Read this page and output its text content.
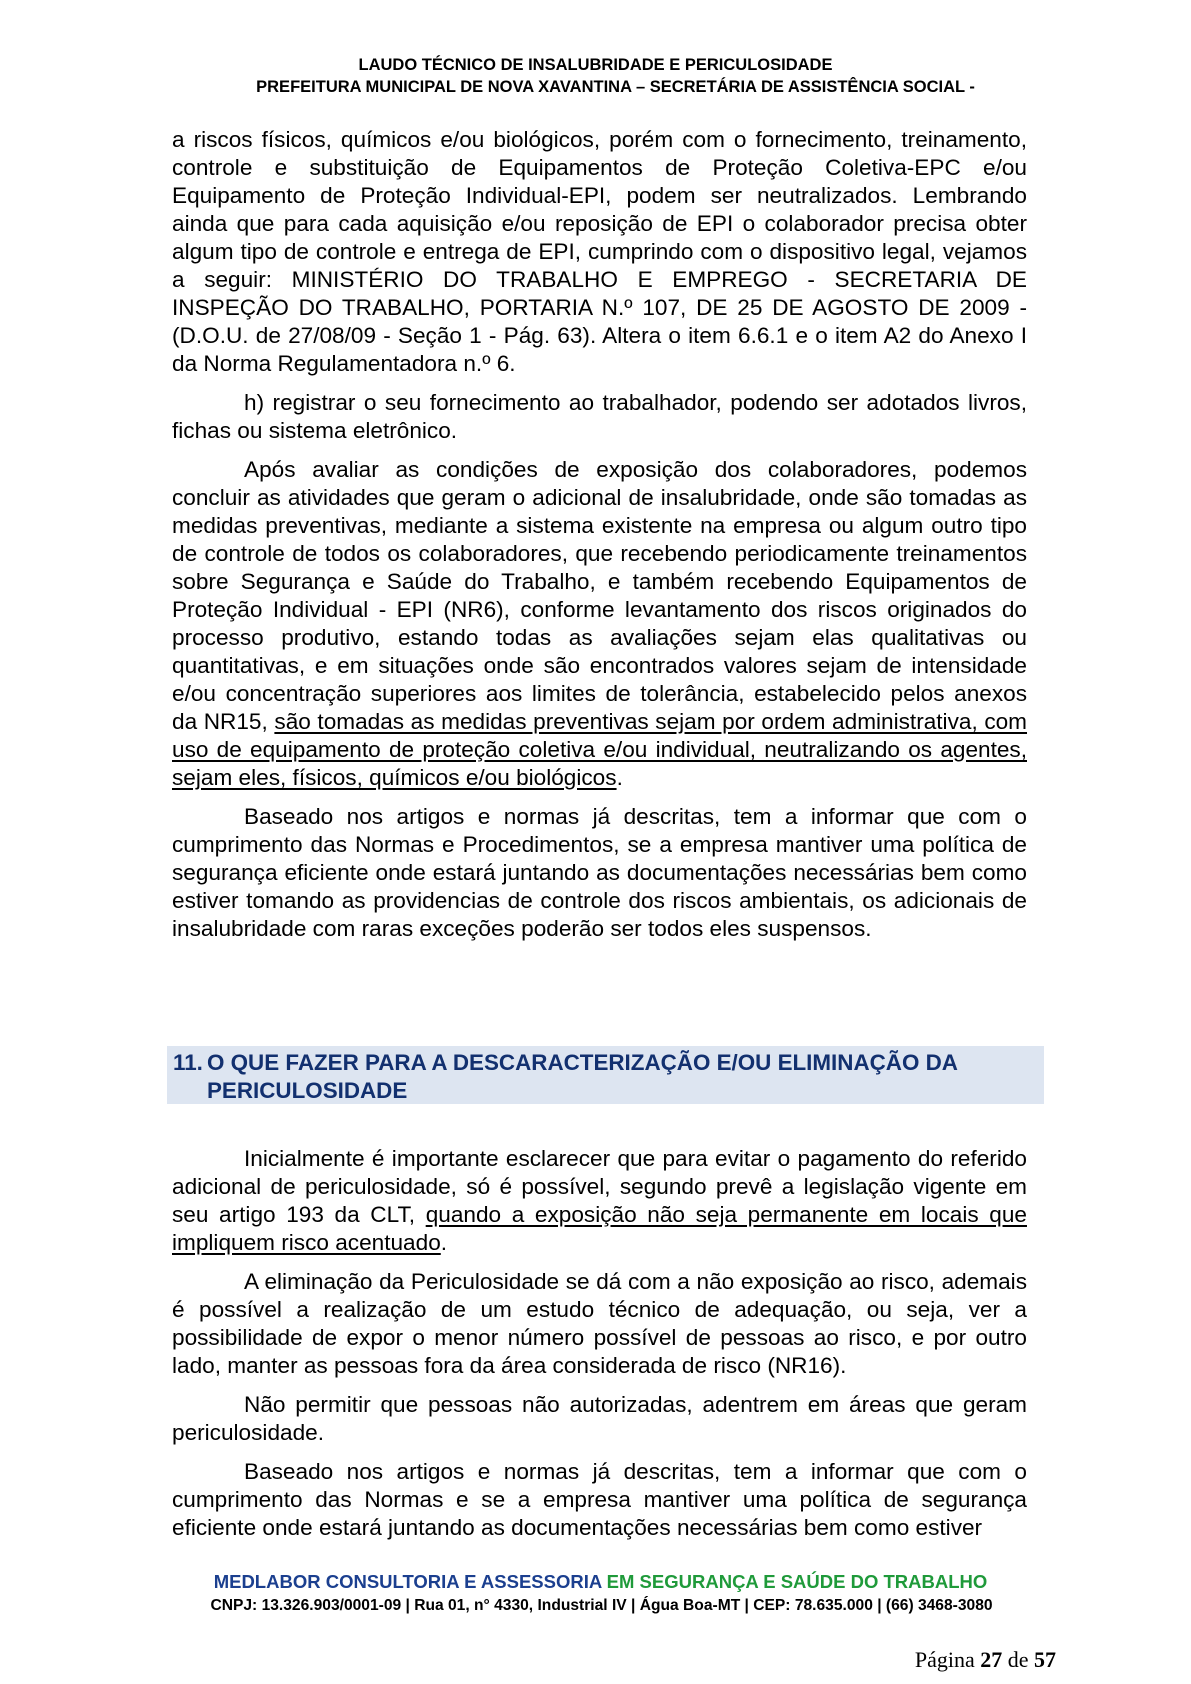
LAUDO TÉCNICO DE INSALUBRIDADE E PERICULOSIDADE
PREFEITURA MUNICIPAL DE NOVA XAVANTINA – SECRETÁRIA DE ASSISTÊNCIA SOCIAL -

a riscos físicos, químicos e/ou biológicos, porém com o fornecimento, treinamento, controle e substituição de Equipamentos de Proteção Coletiva-EPC e/ou Equipamento de Proteção Individual-EPI, podem ser neutralizados. Lembrando ainda que para cada aquisição e/ou reposição de EPI o colaborador precisa obter algum tipo de controle e entrega de EPI, cumprindo com o dispositivo legal, vejamos a seguir: MINISTÉRIO DO TRABALHO E EMPREGO - SECRETARIA DE INSPEÇÃO DO TRABALHO, PORTARIA N.º 107, DE 25 DE AGOSTO DE 2009 - (D.O.U. de 27/08/09 - Seção 1 - Pág. 63). Altera o item 6.6.1 e o item A2 do Anexo I da Norma Regulamentadora n.º 6.

h) registrar o seu fornecimento ao trabalhador, podendo ser adotados livros, fichas ou sistema eletrônico.

Após avaliar as condições de exposição dos colaboradores, podemos concluir as atividades que geram o adicional de insalubridade, onde são tomadas as medidas preventivas, mediante a sistema existente na empresa ou algum outro tipo de controle de todos os colaboradores, que recebendo periodicamente treinamentos sobre Segurança e Saúde do Trabalho, e também recebendo Equipamentos de Proteção Individual - EPI (NR6), conforme levantamento dos riscos originados do processo produtivo, estando todas as avaliações sejam elas qualitativas ou quantitativas, e em situações onde são encontrados valores sejam de intensidade e/ou concentração superiores aos limites de tolerância, estabelecido pelos anexos da NR15, são tomadas as medidas preventivas sejam por ordem administrativa, com uso de equipamento de proteção coletiva e/ou individual, neutralizando os agentes, sejam eles, físicos, químicos e/ou biológicos.

Baseado nos artigos e normas já descritas, tem a informar que com o cumprimento das Normas e Procedimentos, se a empresa mantiver uma política de segurança eficiente onde estará juntando as documentações necessárias bem como estiver tomando as providencias de controle dos riscos ambientais, os adicionais de insalubridade com raras exceções poderão ser todos eles suspensos.

11. O QUE FAZER PARA A DESCARACTERIZAÇÃO E/OU ELIMINAÇÃO DA
PERICULOSIDADE

Inicialmente é importante esclarecer que para evitar o pagamento do referido adicional de periculosidade, só é possível, segundo prevê a legislação vigente em seu artigo 193 da CLT, quando a exposição não seja permanente em locais que impliquem risco acentuado.

A eliminação da Periculosidade se dá com a não exposição ao risco, ademais é possível a realização de um estudo técnico de adequação, ou seja, ver a possibilidade de expor o menor número possível de pessoas ao risco, e por outro lado, manter as pessoas fora da área considerada de risco (NR16).

Não permitir que pessoas não autorizadas, adentrem em áreas que geram periculosidade.

Baseado nos artigos e normas já descritas, tem a informar que com o cumprimento das Normas e se a empresa mantiver uma política de segurança eficiente onde estará juntando as documentações necessárias bem como estiver

MEDLABOR CONSULTORIA E ASSESSORIA EM SEGURANÇA E SAÚDE DO TRABALHO
CNPJ: 13.326.903/0001-09 | Rua 01, n° 4330, Industrial IV | Água Boa-MT | CEP: 78.635.000 | (66) 3468-3080
Página 27 de 57
